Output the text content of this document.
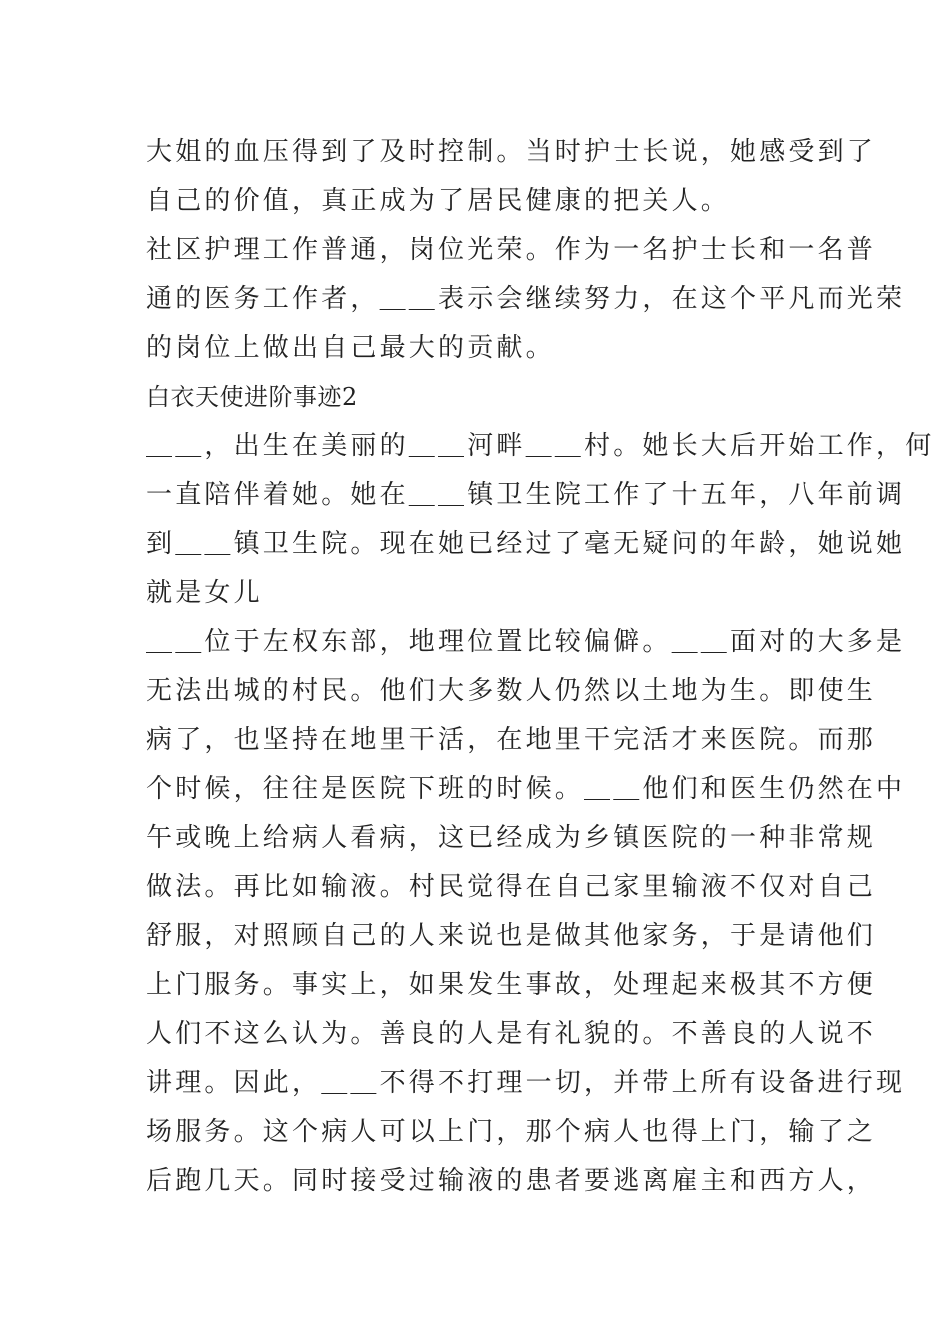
大姐的血压得到了及时控制。当时护士长说，她感受到了

自己的价值，真正成为了居民健康的把关人。

社区护理工作普通，岗位光荣。作为一名护士长和一名普

通的医务工作者，＿＿表示会继续努力，在这个平凡而光荣

的岗位上做出自己最大的贡献。

白衣天使进阶事迹2

＿＿，出生在美丽的＿＿河畔＿＿村。她长大后开始工作，何

一直陪伴着她。她在＿＿镇卫生院工作了十五年，八年前调

到＿＿镇卫生院。现在她已经过了毫无疑问的年龄，她说她

就是女儿

＿＿位于左权东部，地理位置比较偏僻。＿＿面对的大多是

无法出城的村民。他们大多数人仍然以土地为生。即使生

病了，也坚持在地里干活，在地里干完活才来医院。而那

个时候，往往是医院下班的时候。＿＿他们和医生仍然在中

午或晚上给病人看病，这已经成为乡镇医院的一种非常规

做法。再比如输液。村民觉得在自己家里输液不仅对自己

舒服，对照顾自己的人来说也是做其他家务，于是请他们

上门服务。事实上，如果发生事故，处理起来极其不方便

人们不这么认为。善良的人是有礼貌的。不善良的人说不

讲理。因此，＿＿不得不打理一切，并带上所有设备进行现

场服务。这个病人可以上门，那个病人也得上门，输了之

后跑几天。同时接受过输液的患者要逃离雇主和西方人，
